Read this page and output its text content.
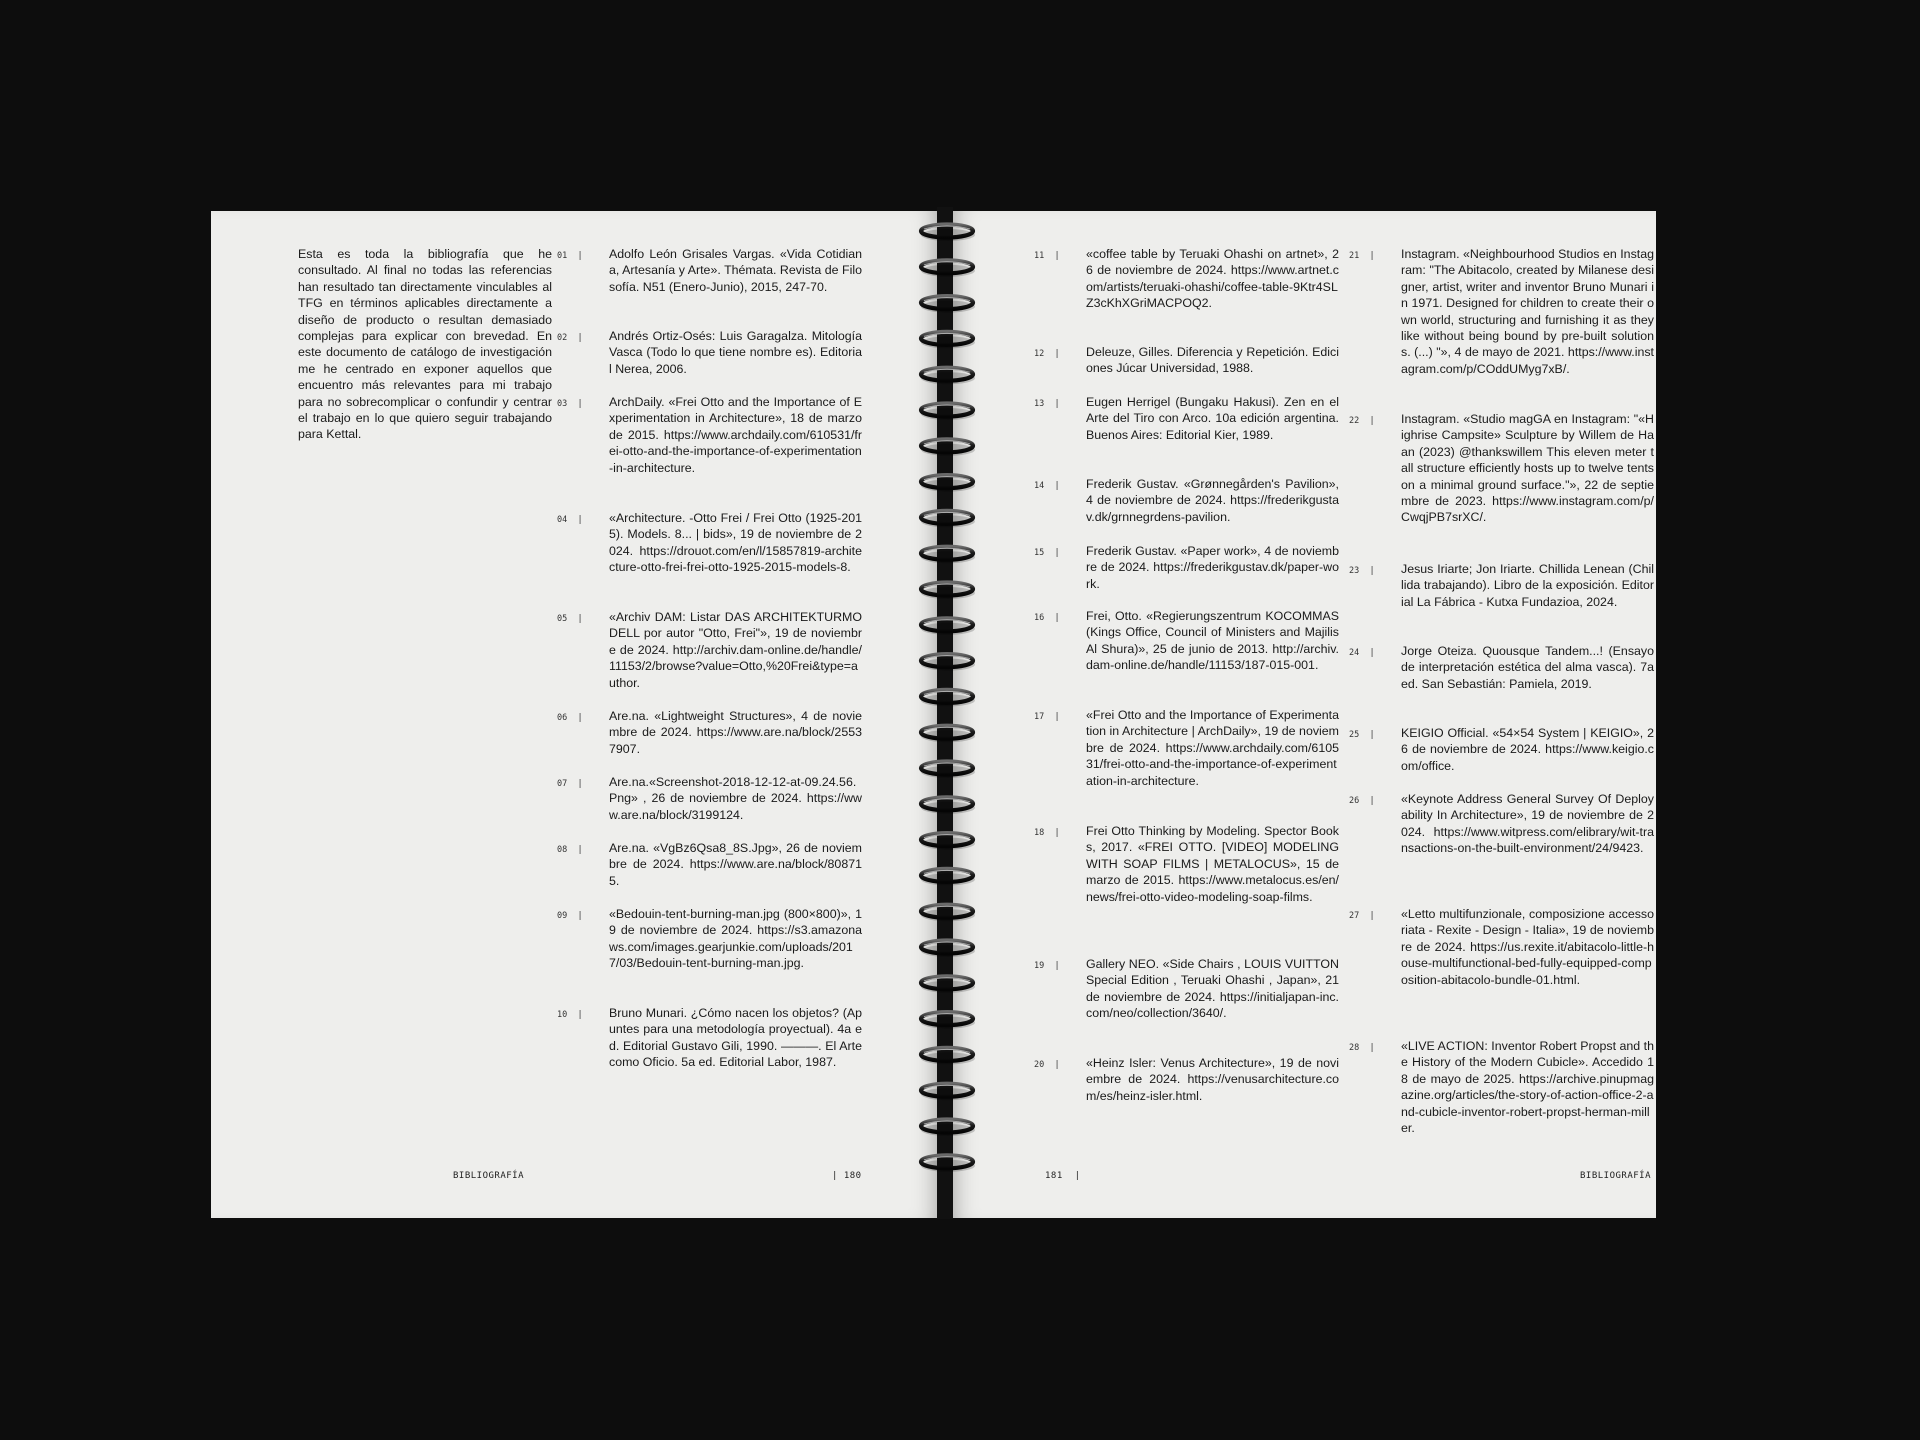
Esta es toda la bibliografía que he consultado. Al final no todas las referencias han resultado tan directamente vinculables al TFG en términos aplicables directamente a diseño de producto o resultan demasiado complejas para explicar con brevedad. En este documento de catálogo de investigación me he centrado en exponer aquellos que encuentro más relevantes para mi trabajo para no sobrecomplicar o confundir y centrar el trabajo en lo que quiero seguir trabajando para Kettal.
01  |	Adolfo León Grisales Vargas. «Vida Cotidiana, Artesanía y Arte». Thémata. Revista de Filosofía. N51 (Enero-Junio), 2015, 247-70.
02  |	Andrés Ortiz-Osés: Luis Garagalza. Mitología Vasca (Todo lo que tiene nombre es). Editorial Nerea, 2006.
03  |	ArchDaily. «Frei Otto and the Importance of Experimentation in Architecture», 18 de marzo de 2015. https://www.archdaily.com/610531/frei-otto-and-the-importance-of-experimentation-in-architecture.
04  |	«Architecture. -Otto Frei / Frei Otto (1925-2015). Models. 8... | bids», 19 de noviembre de 2024. https://drouot.com/en/l/15857819-architecture-otto-frei-frei-otto-1925-2015-models-8.
05  |	«Archiv DAM: Listar DAS ARCHITEKTURMODELL por autor "Otto, Frei"», 19 de noviembre de 2024. http://archiv.dam-online.de/handle/11153/2/browse?value=Otto,%20Frei&type=author.
06  |	Are.na. «Lightweight Structures», 4 de noviembre de 2024. https://www.are.na/block/25537907.
07  |	Are.na.«Screenshot-2018-12-12-at-09.24.56.Png» , 26 de noviembre de 2024. https://www.are.na/block/3199124.
08  |	Are.na. «VgBz6Qsa8_8S.Jpg», 26 de noviembre de 2024. https://www.are.na/block/808715.
09  |	«Bedouin-tent-burning-man.jpg (800×800)», 19 de noviembre de 2024. https://s3.amazonaws.com/images.gearjunkie.com/uploads/2017/03/Bedouin-tent-burning-man.jpg.
10  |	Bruno Munari. ¿Cómo nacen los objetos? (Apuntes para una metodología proyectual). 4a ed. Editorial Gustavo Gili, 1990. ———. El Arte como Oficio. 5a ed. Editorial Labor, 1987.
BIBLIOGRAFÍA	| 180
11  |	«coffee table by Teruaki Ohashi on artnet», 26 de noviembre de 2024. https://www.artnet.com/artists/teruaki-ohashi/coffee-table-9Ktr4SLZ3cKhXGriMACPOQ2.
12  |	Deleuze, Gilles. Diferencia y Repetición. Ediciones Júcar Universidad, 1988.
13  |	Eugen Herrigel (Bungaku Hakusi). Zen en el Arte del Tiro con Arco. 10a edición argentina. Buenos Aires: Editorial Kier, 1989.
14  |	Frederik Gustav. «Grønnegården's Pavilion», 4 de noviembre de 2024. https://frederikgustav.dk/grnnegrdens-pavilion.
15  |	Frederik Gustav. «Paper work», 4 de noviembre de 2024. https://frederikgustav.dk/paper-work.
16  |	Frei, Otto. «Regierungszentrum KOCOMMAS (Kings Office, Council of Ministers and Majilis Al Shura)», 25 de junio de 2013. http://archiv.dam-online.de/handle/11153/187-015-001.
17  |	«Frei Otto and the Importance of Experimentation in Architecture | ArchDaily», 19 de noviembre de 2024. https://www.archdaily.com/610531/frei-otto-and-the-importance-of-experimentation-in-architecture.
18  |	Frei Otto Thinking by Modeling. Spector Books, 2017. «FREI OTTO. [VIDEO] MODELING WITH SOAP FILMS | METALOCUS», 15 de marzo de 2015. https://www.metalocus.es/en/news/frei-otto-video-modeling-soap-films.
19  |	Gallery NEO. «Side Chairs , LOUIS VUITTON Special Edition , Teruaki Ohashi , Japan», 21 de noviembre de 2024. https://initialjapan-inc.com/neo/collection/3640/.
20  |	«Heinz Isler: Venus Architecture», 19 de noviembre de 2024. https://venusarchitecture.com/es/heinz-isler.html.
21  |	Instagram. «Neighbourhood Studios en Instagram: "The Abitacolo, created by Milanese designer, artist, writer and inventor Bruno Munari in 1971. Designed for children to create their own world, structuring and furnishing it as they like without being bound by pre-built solutions. (...) "», 4 de mayo de 2021. https://www.instagram.com/p/COddUMyg7xB/.
22  |	Instagram. «Studio magGA en Instagram: "«Highrise Campsite» Sculpture by Willem de Haan (2023) @thankswillem This eleven meter tall structure efficiently hosts up to twelve tents on a minimal ground surface."», 22 de septiembre de 2023. https://www.instagram.com/p/CwqjPB7srXC/.
23  |	Jesus Iriarte; Jon Iriarte. Chillida Lenean (Chillida trabajando). Libro de la exposición. Editorial La Fábrica - Kutxa Fundazioa, 2024.
24  |	Jorge Oteiza. Quousque Tandem...! (Ensayo de interpretación estética del alma vasca). 7a ed. San Sebastián: Pamiela, 2019.
25  |	KEIGIO Official. «54×54 System | KEIGIO», 26 de noviembre de 2024. https://www.keigio.com/office.
26  |	«Keynote Address General Survey Of Deployability In Architecture», 19 de noviembre de 2024. https://www.witpress.com/elibrary/wit-transactions-on-the-built-environment/24/9423.
27  |	«Letto multifunzionale, composizione accessoriata - Rexite - Design - Italia», 19 de noviembre de 2024. https://us.rexite.it/abitacolo-little-house-multifunctional-bed-fully-equipped-composition-abitacolo-bundle-01.html.
28  |	«LIVE ACTION: Inventor Robert Propst and the History of the Modern Cubicle». Accedido 18 de mayo de 2025. https://archive.pinupmagazine.org/articles/the-story-of-action-office-2-and-cubicle-inventor-robert-propst-herman-miller.
181  |	BIBLIOGRAFÍA
